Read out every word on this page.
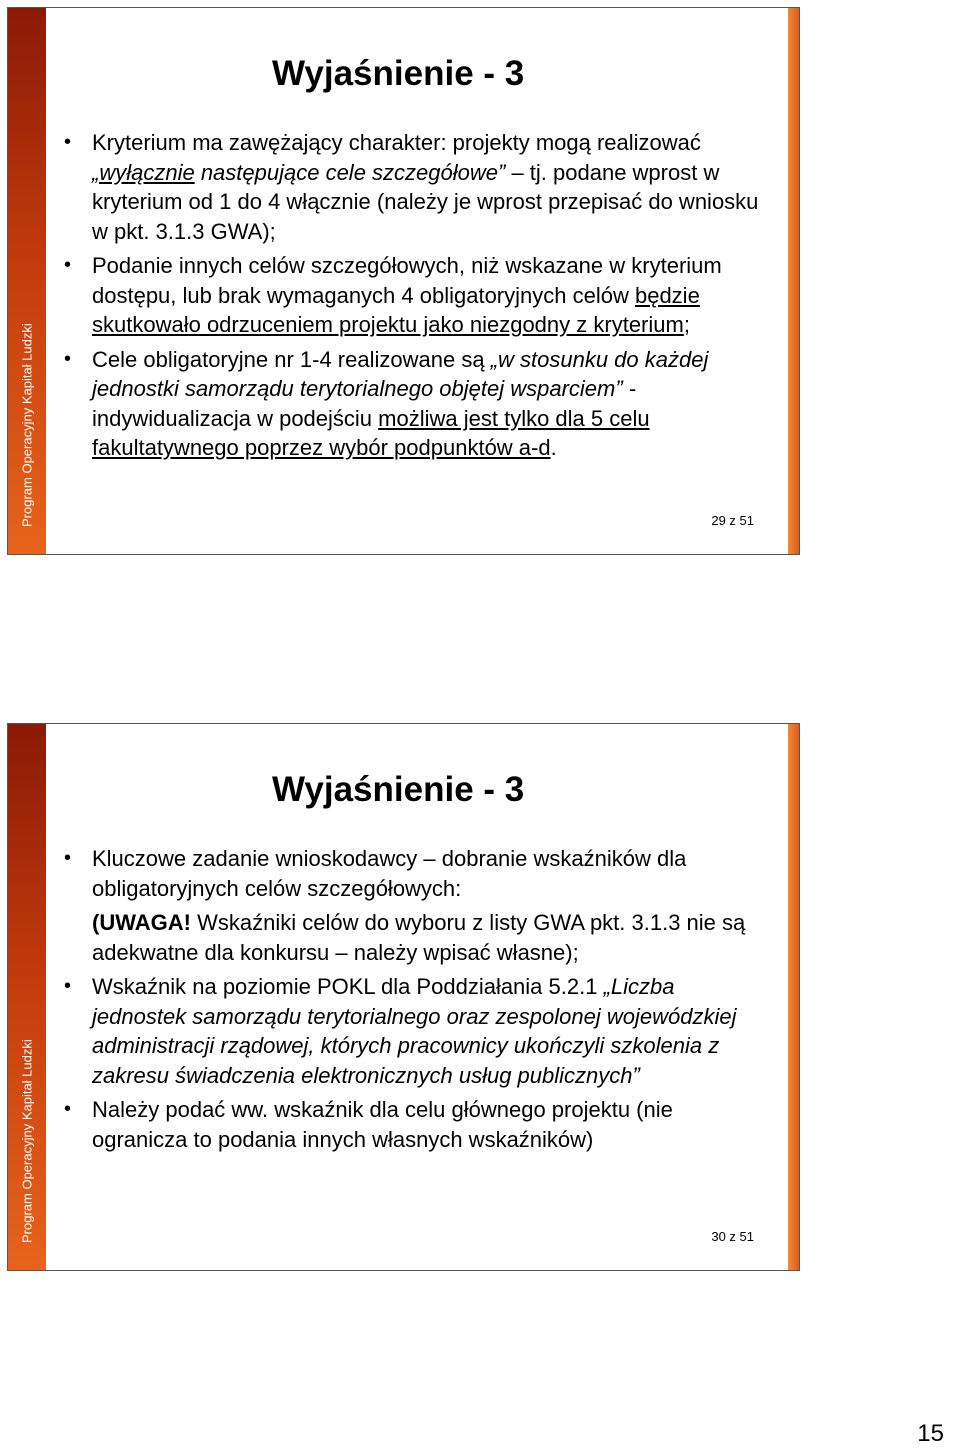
Program Operacyjny Kapitał Ludzki
Wyjaśnienie - 3
• Kryterium ma zawężający charakter: projekty mogą realizować „wyłącznie następujące cele szczegółowe” – tj. podane wprost w kryterium od 1 do 4 włącznie (należy je wprost przepisać do wniosku w pkt. 3.1.3 GWA);
• Podanie innych celów szczegółowych, niż wskazane w kryterium dostępu, lub brak wymaganych 4 obligatoryjnych celów będzie skutkowało odrzuceniem projektu jako niezgodny z kryterium;
• Cele obligatoryjne nr 1-4 realizowane są „w stosunku do każdej jednostki samorządu terytorialnego objętej wsparciem” - indywidualizacja w podejściu możliwa jest tylko dla 5 celu fakultatywnego poprzez wybór podpunktów a-d.
29 z 51
Program Operacyjny Kapitał Ludzki
Wyjaśnienie - 3
• Kluczowe zadanie wnioskodawcy – dobranie wskaźników dla obligatoryjnych celów szczegółowych:
(UWAGA! Wskaźniki celów do wyboru z listy GWA pkt. 3.1.3 nie są adekwatne dla konkursu – należy wpisać własne);
• Wskaźnik na poziomie POKL dla Poddziałania 5.2.1 „Liczba jednostek samorządu terytorialnego oraz zespolonej wojewódzkiej administracji rządowej, których pracownicy ukończyli szkolenia z zakresu świadczenia elektronicznych usług publicznych”
• Należy podać ww. wskaźnik dla celu głównego projektu (nie ogranicza to podania innych własnych wskaźników)
30 z 51
15
